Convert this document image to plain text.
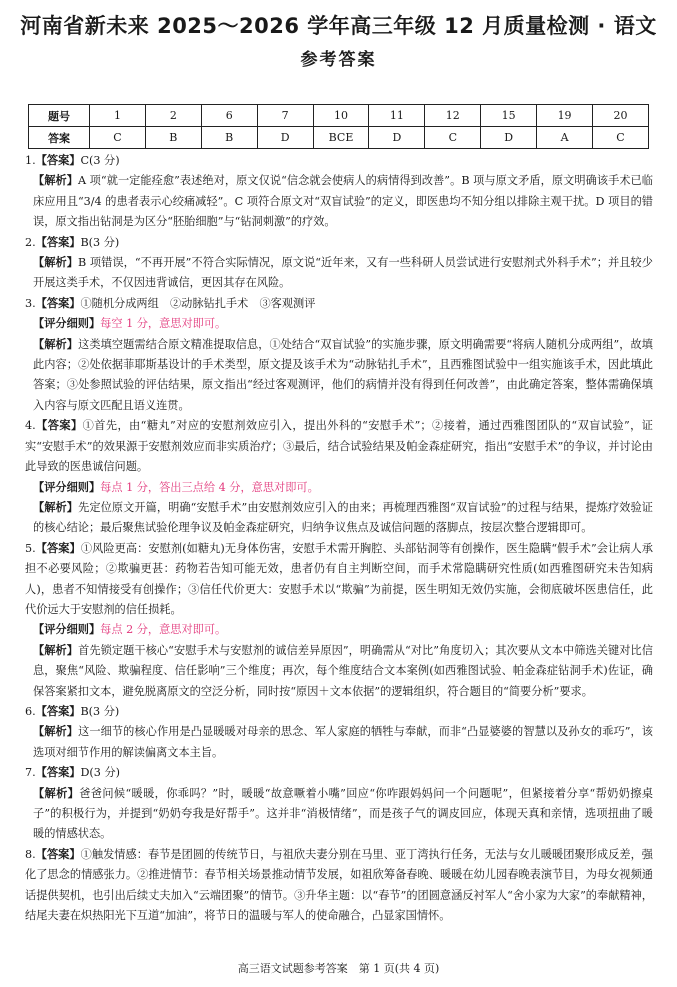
河南省新未来 2025～2026 学年高三年级 12 月质量检测 · 语文
参考答案
题号	1	2	6	7	10	11	12	15	19	20
答案	C	B	B	D	BCE	D	C	D	A	C

1.【答案】C(3 分)

【解析】A 项“就一定能痊愈”表述绝对，原文仅说“信念就会使病人的病情得到改善”。B 项与原文矛盾，原文明确该手术已临床应用且“3/4 的患者表示心绞痛减轻”。C 项符合原文对“双盲试验”的定义，即医患均不知分组以排除主观干扰。D 项目的错误，原文指出钻洞是为区分“胚胎细胞”与“钻洞刺激”的疗效。

2.【答案】B(3 分)

【解析】B 项错误，“不再开展”不符合实际情况，原文说“近年来，又有一些科研人员尝试进行安慰剂式外科手术”；并且较少开展这类手术，不仅因违背诚信，更因其存在风险。

3.【答案】①随机分成两组　②动脉钻扎手术　③客观测评

【评分细则】每空 1 分，意思对即可。

【解析】这类填空题需结合原文精准提取信息，①处结合“双盲试验”的实施步骤，原文明确需要“将病人随机分成两组”，故填此内容；②处依据菲耶斯基设计的手术类型，原文提及该手术为“动脉钻扎手术”，且西雅图试验中一组实施该手术，因此填此答案；③处参照试验的评估结果，原文指出“经过客观测评，他们的病情并没有得到任何改善”，由此确定答案，整体需确保填入内容与原文匹配且语义连贯。

4.【答案】①首先，由“糖丸”对应的安慰剂效应引入，提出外科的“安慰手术”；②接着，通过西雅图团队的“双盲试验”，证实“安慰手术”的效果源于安慰剂效应而非实质治疗；③最后，结合试验结果及帕金森症研究，指出“安慰手术”的争议，并讨论由此导致的医患诚信问题。

【评分细则】每点 1 分，答出三点给 4 分，意思对即可。

【解析】先定位原文开篇，明确“安慰手术”由安慰剂效应引入的由来；再梳理西雅图“双盲试验”的过程与结果，提炼疗效验证的核心结论；最后聚焦试验伦理争议及帕金森症研究，归纳争议焦点及诚信问题的落脚点，按层次整合逻辑即可。

5.【答案】①风险更高：安慰剂(如糖丸)无身体伤害，安慰手术需开胸腔、头部钻洞等有创操作，医生隐瞒“假手术”会让病人承担不必要风险；②欺骗更甚：药物若告知可能无效，患者仍有自主判断空间，而手术常隐瞒研究性质(如西雅图研究未告知病人)，患者不知情接受有创操作；③信任代价更大：安慰手术以“欺骗”为前提，医生明知无效仍实施，会彻底破坏医患信任，此代价远大于安慰剂的信任损耗。

【评分细则】每点 2 分，意思对即可。

【解析】首先锁定题干核心“安慰手术与安慰剂的诚信差异原因”，明确需从“对比”角度切入；其次要从文本中筛选关键对比信息，聚焦“风险、欺骗程度、信任影响”三个维度；再次，每个维度结合文本案例(如西雅图试验、帕金森症钻洞手术)佐证，确保答案紧扣文本，避免脱离原文的空泛分析，同时按“原因＋文本依据”的逻辑组织，符合题目的“简要分析”要求。

6.【答案】B(3 分)

【解析】这一细节的核心作用是凸显暖暖对母亲的思念、军人家庭的牺牲与奉献，而非“凸显婆婆的智慧以及孙女的乖巧”，该选项对细节作用的解读偏离文本主旨。

7.【答案】D(3 分)

【解析】爸爸问候“暖暖，你乖吗？”时，暖暖“故意噘着小嘴”回应“你咋跟妈妈问一个问题呢”，但紧接着分享“帮奶奶擦桌子”的积极行为，并提到“奶奶夸我是好帮手”。这并非“消极情绪”，而是孩子气的调皮回应，体现天真和亲情，选项扭曲了暖暖的情感状态。

8.【答案】①触发情感：春节是团圆的传统节日，与祖欣夫妻分别在马里、亚丁湾执行任务，无法与女儿暖暖团聚形成反差，强化了思念的情感张力。②推进情节：春节相关场景推动情节发展，如祖欣筹备春晚、暖暖在幼儿园春晚表演节目，为母女视频通话提供契机，也引出后续丈夫加入“云端团聚”的情节。③升华主题：以“春节”的团圆意涵反衬军人“舍小家为大家”的奉献精神，结尾夫妻在炽热阳光下互道“加油”，将节日的温暖与军人的使命融合，凸显家国情怀。

高三语文试题参考答案　第 1 页(共 4 页)
